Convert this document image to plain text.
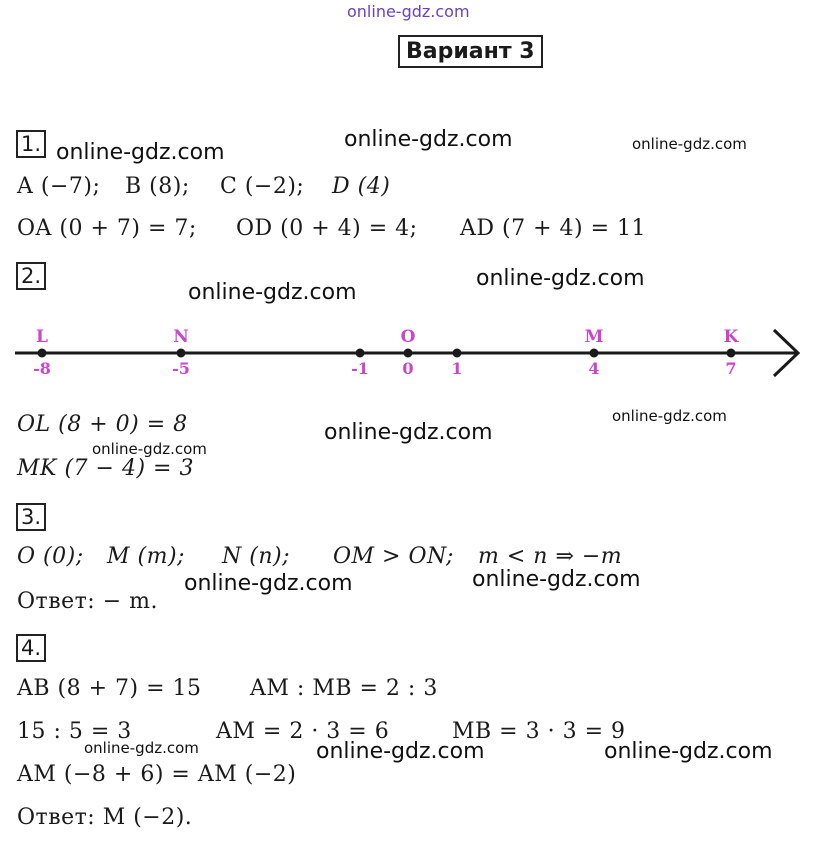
online-gdz.com
Вариант 3
1. online-gdz.com
online-gdz.com	online-gdz.com
A (−7); B (8); C (−2); D (4)
OA (0 + 7) = 7; OD (0 + 4) = 4; AD (7 + 4) = 11
2.	online-gdz.com
online-gdz.com
L
-8
N
-5	-1
O
0 1
M
4
K
7
online-gdz.com
OL (8 + 0) = 8	online-gdz.com
online-gdz.com
MK (7 − 4) = 3
3.
O (0); M (m); N (n); OM > ON; m < n ⇒ −m
online-gdz.com	online-gdz.com
Ответ: − m.
4.
AB (8 + 7) = 15 AM : MB = 2 : 3
15 : 5 = 3	AM = 2 · 3 = 6	MB = 3 · 3 = 9
online-gdz.com	online-gdz.com	online-gdz.com
AM (−8 + 6) = AM (−2)
Ответ: M (−2).
